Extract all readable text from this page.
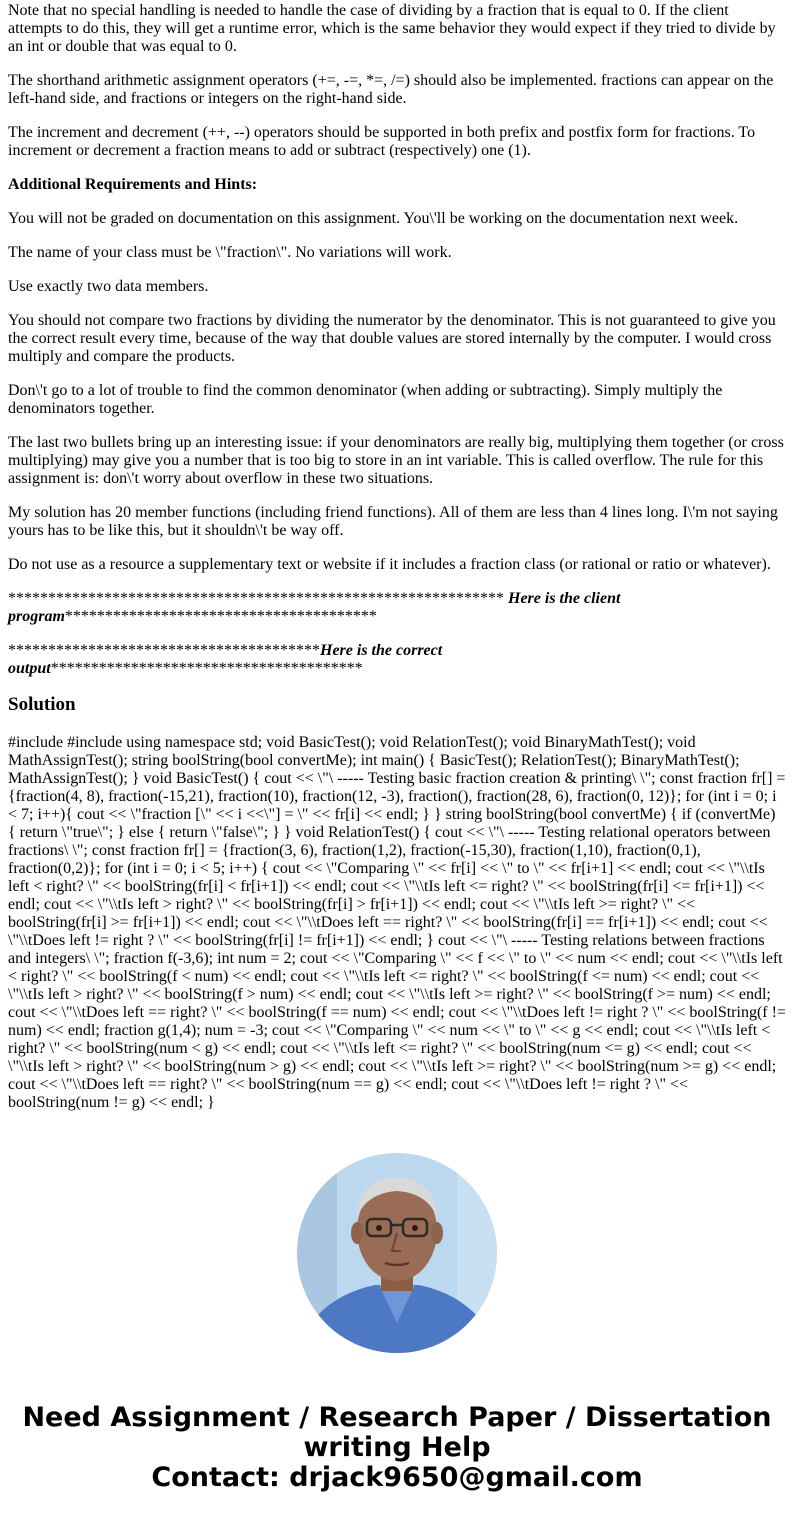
Note that no special handling is needed to handle the case of dividing by a fraction that is equal to 0. If the client attempts to do this, they will get a runtime error, which is the same behavior they would expect if they tried to divide by an int or double that was equal to 0.

The shorthand arithmetic assignment operators (+=, -=, *=, /=) should also be implemented. fractions can appear on the left-hand side, and fractions or integers on the right-hand side.

The increment and decrement (++, --) operators should be supported in both prefix and postfix form for fractions. To increment or decrement a fraction means to add or subtract (respectively) one (1).

Additional Requirements and Hints:

You will not be graded on documentation on this assignment. You\'ll be working on the documentation next week.

The name of your class must be \"fraction\". No variations will work.

Use exactly two data members.

You should not compare two fractions by dividing the numerator by the denominator. This is not guaranteed to give you the correct result every time, because of the way that double values are stored internally by the computer. I would cross multiply and compare the products.

Don\'t go to a lot of trouble to find the common denominator (when adding or subtracting). Simply multiply the denominators together.

The last two bullets bring up an interesting issue: if your denominators are really big, multiplying them together (or cross multiplying) may give you a number that is too big to store in an int variable. This is called overflow. The rule for this assignment is: don\'t worry about overflow in these two situations.

My solution has 20 member functions (including friend functions). All of them are less than 4 lines long. I\'m not saying yours has to be like this, but it shouldn\'t be way off.

Do not use as a resource a supplementary text or website if it includes a fraction class (or rational or ratio or whatever).

************************************************************** Here is the client program***************************************

***************************************Here is the correct output***************************************

Solution

#include #include using namespace std; void BasicTest(); void RelationTest(); void BinaryMathTest(); void MathAssignTest(); string boolString(bool convertMe); int main() { BasicTest(); RelationTest(); BinaryMathTest(); MathAssignTest(); } void BasicTest() { cout << \"\ ----- Testing basic fraction creation & printing\ \"; const fraction fr[] = {fraction(4, 8), fraction(-15,21), fraction(10), fraction(12, -3), fraction(), fraction(28, 6), fraction(0, 12)}; for (int i = 0; i < 7; i++){ cout << \"fraction [\" << i <<\"] = \" << fr[i] << endl; } } string boolString(bool convertMe) { if (convertMe) { return \"true\"; } else { return \"false\"; } } void RelationTest() { cout << \"\ ----- Testing relational operators between fractions\ \"; const fraction fr[] = {fraction(3, 6), fraction(1,2), fraction(-15,30), fraction(1,10), fraction(0,1), fraction(0,2)}; for (int i = 0; i < 5; i++) { cout << \"Comparing \" << fr[i] << \" to \" << fr[i+1] << endl; cout << \"\\tIs left < right? \" << boolString(fr[i] < fr[i+1]) << endl; cout << \"\\tIs left <= right? \" << boolString(fr[i] <= fr[i+1]) << endl; cout << \"\\tIs left > right? \" << boolString(fr[i] > fr[i+1]) << endl; cout << \"\\tIs left >= right? \" << boolString(fr[i] >= fr[i+1]) << endl; cout << \"\\tDoes left == right? \" << boolString(fr[i] == fr[i+1]) << endl; cout << \"\\tDoes left != right ? \" << boolString(fr[i] != fr[i+1]) << endl; } cout << \"\ ----- Testing relations between fractions and integers\ \"; fraction f(-3,6); int num = 2; cout << \"Comparing \" << f << \" to \" << num << endl; cout << \"\\tIs left < right? \" << boolString(f < num) << endl; cout << \"\\tIs left <= right? \" << boolString(f <= num) << endl; cout << \"\\tIs left > right? \" << boolString(f > num) << endl; cout << \"\\tIs left >= right? \" << boolString(f >= num) << endl; cout << \"\\tDoes left == right? \" << boolString(f == num) << endl; cout << \"\\tDoes left != right ? \" << boolString(f != num) << endl; fraction g(1,4); num = -3; cout << \"Comparing \" << num << \" to \" << g << endl; cout << \"\\tIs left < right? \" << boolString(num < g) << endl; cout << \"\\tIs left <= right? \" << boolString(num <= g) << endl; cout << \"\\tIs left > right? \" << boolString(num > g) << endl; cout << \"\\tIs left >= right? \" << boolString(num >= g) << endl; cout << \"\\tDoes left == right? \" << boolString(num == g) << endl; cout << \"\\tDoes left != right ? \" << boolString(num != g) << endl; }

Need Assignment / Research Paper / Dissertation writing Help
Contact: drjack9650@gmail.com
